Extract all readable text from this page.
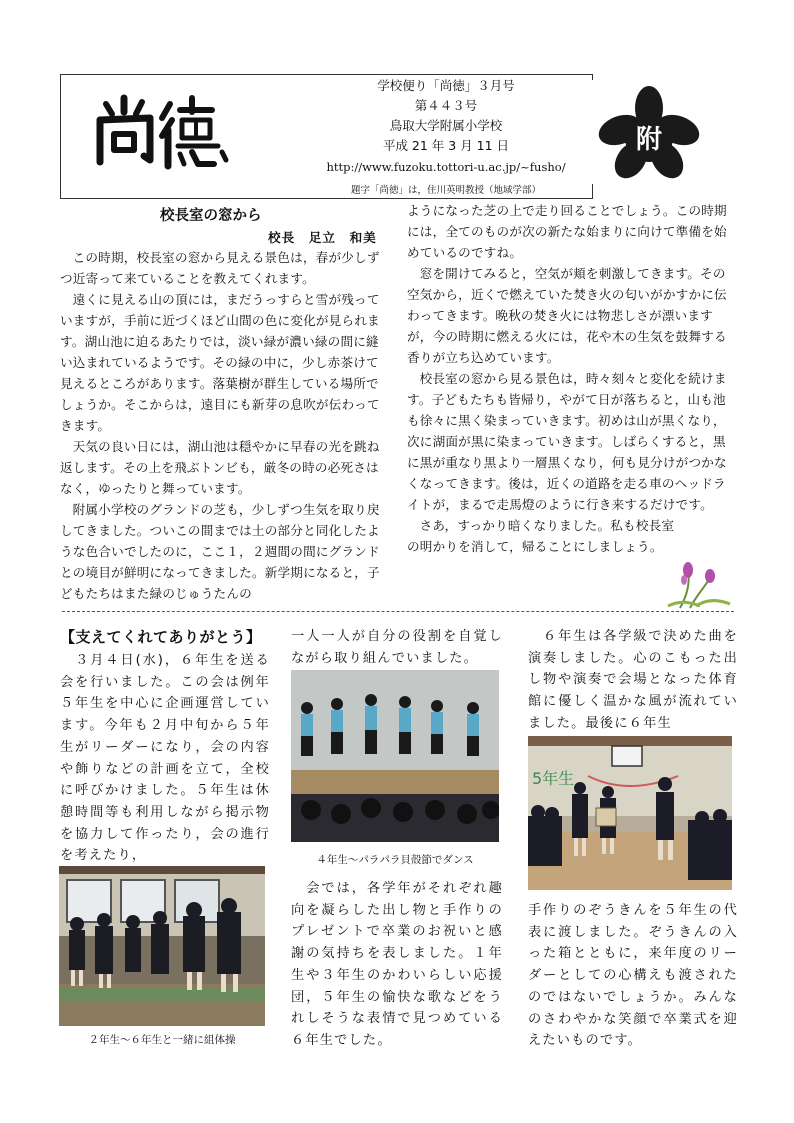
学校便り「尚徳」３月号
第４４３号
鳥取大学附属小学校
平成 21 年 3 月 11 日
http://www.fuzoku.tottori-u.ac.jp/~fusho/
題字「尚徳」は，住川英明教授（地域学部）
附
校長室の窓から
校長　足立　和美

この時期，校長室の窓から見える景色は，春が少しずつ近寄って来ていることを教えてくれます。

遠くに見える山の頂には，まだうっすらと雪が残っていますが，手前に近づくほど山間の色に変化が見られます。湖山池に迫るあたりでは，淡い緑が濃い緑の間に縫い込まれているようです。その緑の中に，少し赤茶けて見えるところがあります。落葉樹が群生している場所でしょうか。そこからは，遠目にも新芽の息吹が伝わってきます。

天気の良い日には，湖山池は穏やかに早春の光を跳ね返します。その上を飛ぶトンビも，厳冬の時の必死さはなく，ゆったりと舞っています。

附属小学校のグランドの芝も，少しずつ生気を取り戻してきました。ついこの間までは土の部分と同化したような色合いでしたのに，ここ１，２週間の間にグランドとの境目が鮮明になってきました。新学期になると，子どもたちはまた緑のじゅうたんの

ようになった芝の上で走り回ることでしょう。この時期には，全てのものが次の新たな始まりに向けて準備を始めているのですね。

窓を開けてみると，空気が頬を刺激してきます。その空気から，近くで燃えていた焚き火の匂いがかすかに伝わってきます。晩秋の焚き火には物悲しさが漂いますが，今の時期に燃える火には，花や木の生気を鼓舞する香りが立ち込めています。

校長室の窓から見る景色は，時々刻々と変化を続けます。子どもたちも皆帰り，やがて日が落ちると，山も池も徐々に黒く染まっていきます。初めは山が黒くなり，次に湖面が黒に染まっていきます。しばらくすると，黒に黒が重なり黒より一層黒くなり，何も見分けがつかなくなってきます。後は，近くの道路を走る車のヘッドライトが，まるで走馬燈のように行き来するだけです。

さあ，すっかり暗くなりました。私も校長室の明かりを消して，帰ることにしましょう。

【支えてくれてありがとう】

　３月４日(水)，６年生を送る会を行いました。この会は例年５年生を中心に企画運営しています。今年も２月中旬から５年生がリーダーになり，会の内容や飾りなどの計画を立て，全校に呼びかけました。５年生は休憩時間等も利用しながら掲示物を協力して作ったり，会の進行を考えたり，

２年生～６年生と一緒に組体操

一人一人が自分の役割を自覚しながら取り組んでいました。

４年生～パラパラ貝殻節でダンス

　会では，各学年がそれぞれ趣向を凝らした出し物と手作りのプレゼントで卒業のお祝いと感謝の気持ちを表しました。１年生や３年生のかわいらしい応援団，５年生の愉快な歌などをうれしそうな表情で見つめている６年生でした。

　６年生は各学級で決めた曲を演奏しました。心のこもった出し物や演奏で会場となった体育館に優しく温かな風が流れていました。最後に６年生

5年生

手作りのぞうきんを５年生の代表に渡しました。ぞうきんの入った箱とともに，来年度のリーダーとしての心構えも渡されたのではないでしょうか。みんなのさわやかな笑顔で卒業式を迎えたいものです。
